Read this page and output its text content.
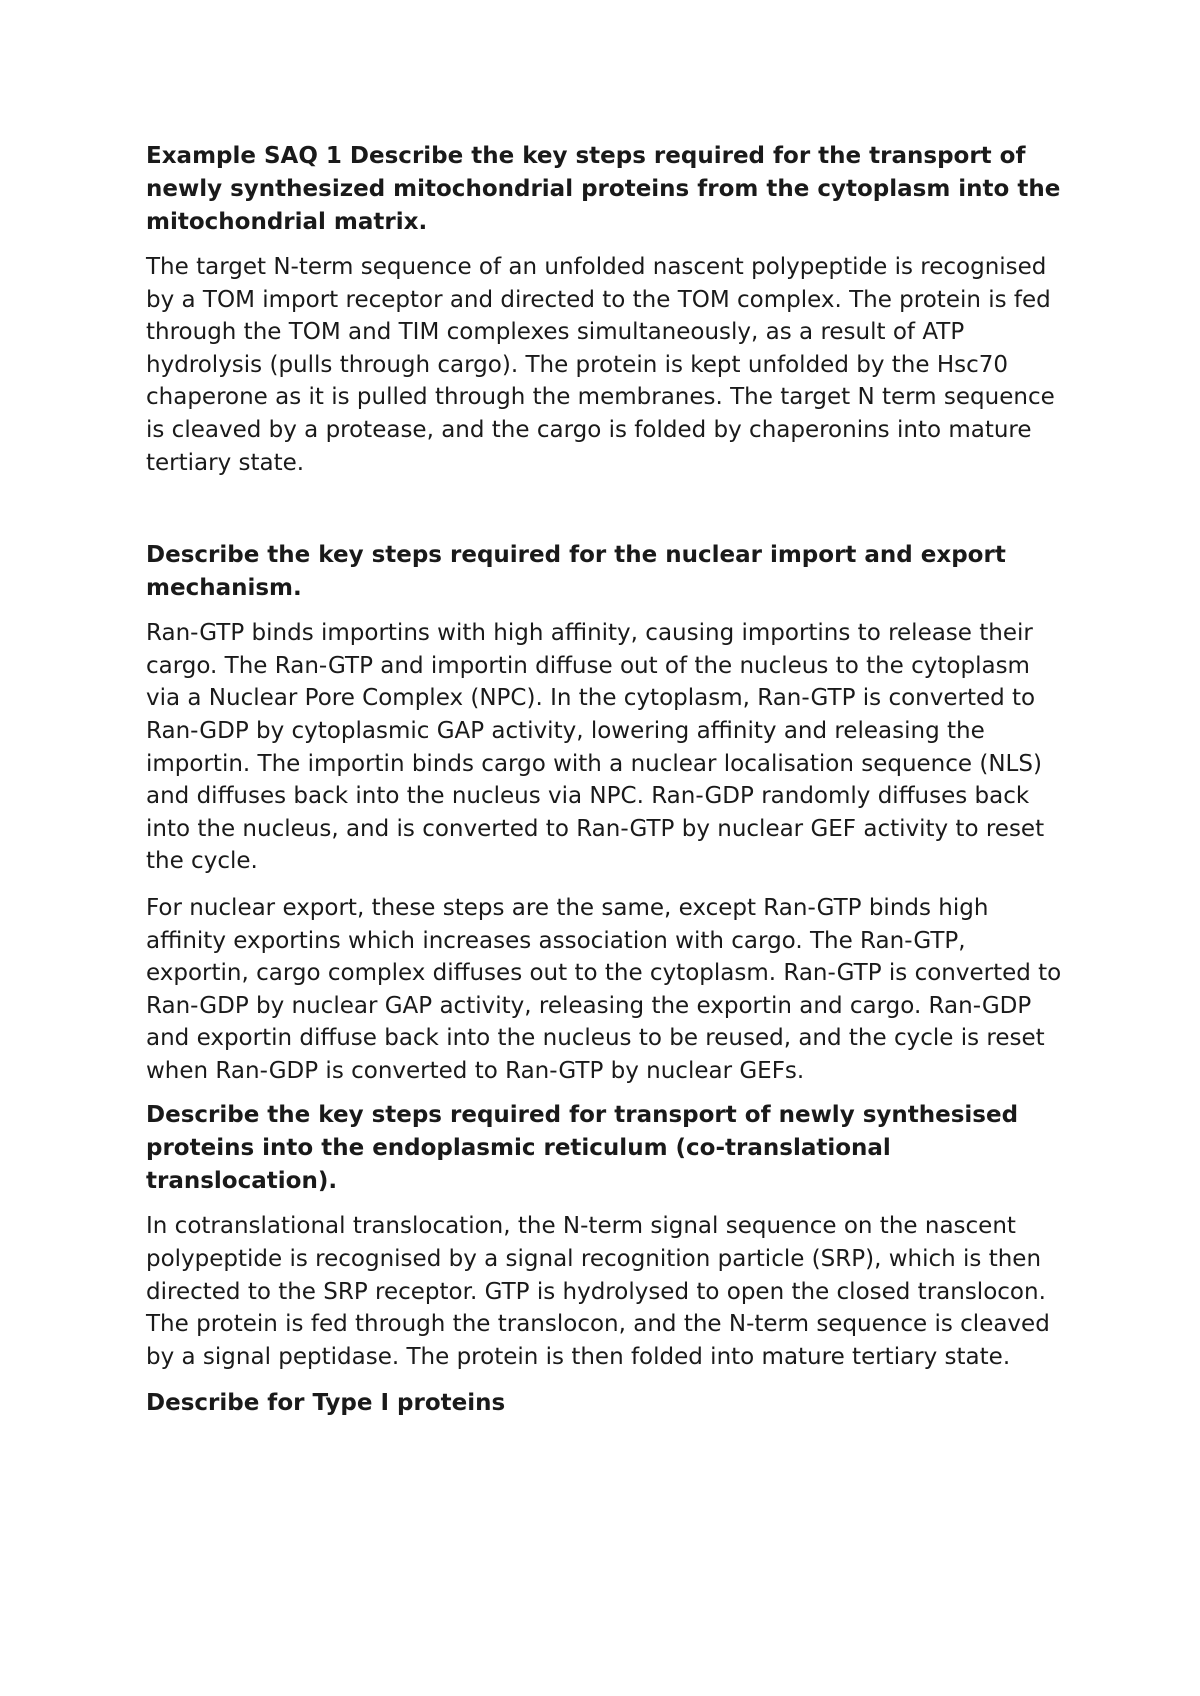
Example SAQ 1 Describe the key steps required for the transport of newly synthesized mitochondrial proteins from the cytoplasm into the mitochondrial matrix.

The target N-term sequence of an unfolded nascent polypeptide is recognised by a TOM import receptor and directed to the TOM complex. The protein is fed through the TOM and TIM complexes simultaneously, as a result of ATP hydrolysis (pulls through cargo). The protein is kept unfolded by the Hsc70 chaperone as it is pulled through the membranes. The target N term sequence is cleaved by a protease, and the cargo is folded by chaperonins into mature tertiary state.

Describe the key steps required for the nuclear import and export mechanism.

Ran-GTP binds importins with high affinity, causing importins to release their cargo. The Ran-GTP and importin diffuse out of the nucleus to the cytoplasm via a Nuclear Pore Complex (NPC). In the cytoplasm, Ran-GTP is converted to Ran-GDP by cytoplasmic GAP activity, lowering affinity and releasing the importin. The importin binds cargo with a nuclear localisation sequence (NLS) and diffuses back into the nucleus via NPC. Ran-GDP randomly diffuses back into the nucleus, and is converted to Ran-GTP by nuclear GEF activity to reset the cycle.

For nuclear export, these steps are the same, except Ran-GTP binds high affinity exportins which increases association with cargo. The Ran-GTP, exportin, cargo complex diffuses out to the cytoplasm. Ran-GTP is converted to Ran-GDP by nuclear GAP activity, releasing the exportin and cargo. Ran-GDP and exportin diffuse back into the nucleus to be reused, and the cycle is reset when Ran-GDP is converted to Ran-GTP by nuclear GEFs.

Describe the key steps required for transport of newly synthesised proteins into the endoplasmic reticulum (co-translational translocation).

In cotranslational translocation, the N-term signal sequence on the nascent polypeptide is recognised by a signal recognition particle (SRP), which is then directed to the SRP receptor. GTP is hydrolysed to open the closed translocon. The protein is fed through the translocon, and the N-term sequence is cleaved by a signal peptidase. The protein is then folded into mature tertiary state.

Describe for Type I proteins
